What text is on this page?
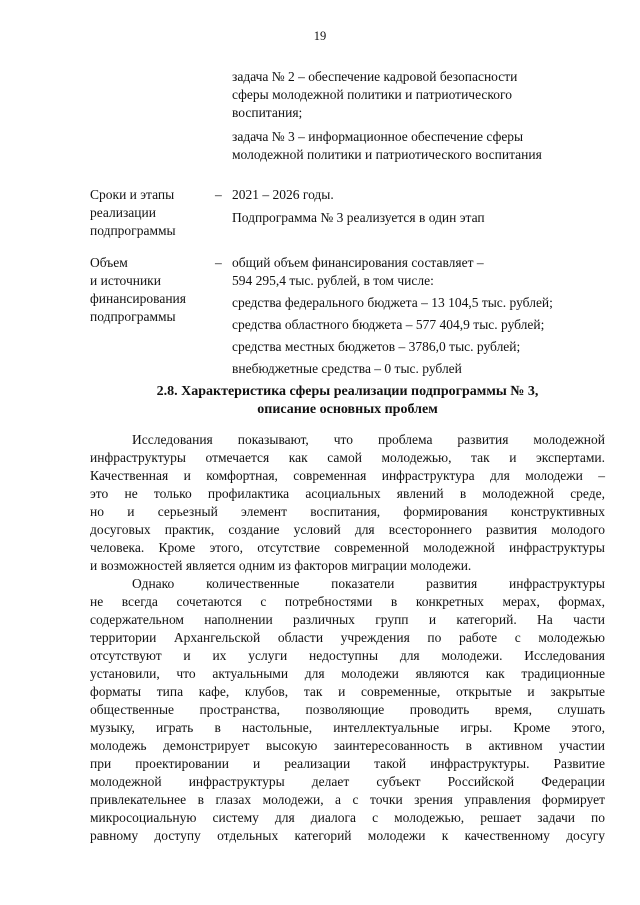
19
задача № 2 – обеспечение кадровой безопасности
сферы молодежной политики и патриотического
воспитания;
задача № 3 – информационное обеспечение сферы
молодежной политики и патриотического воспитания
Сроки и этапы
реализации
подпрограммы
– 2021 – 2026 годы.
Подпрограмма № 3 реализуется в один этап
Объем
и источники
финансирования
подпрограммы
– общий объем финансирования составляет –
594 295,4 тыс. рублей, в том числе:
средства федерального бюджета – 13 104,5 тыс. рублей;
средства областного бюджета – 577 404,9 тыс. рублей;
средства местных бюджетов – 3786,0 тыс. рублей;
внебюджетные средства – 0 тыс. рублей
2.8. Характеристика сферы реализации подпрограммы № 3,
описание основных проблем
Исследования показывают, что проблема развития молодежной
инфраструктуры отмечается как самой молодежью, так и экспертами.
Качественная и комфортная, современная инфраструктура для молодежи –
это не только профилактика асоциальных явлений в молодежной среде,
но и серьезный элемент воспитания, формирования конструктивных
досуговых практик, создание условий для всестороннего развития молодого
человека. Кроме этого, отсутствие современной молодежной инфраструктуры
и возможностей является одним из факторов миграции молодежи.
Однако количественные показатели развития инфраструктуры
не всегда сочетаются с потребностями в конкретных мерах, формах,
содержательном наполнении различных групп и категорий. На части
территории Архангельской области учреждения по работе с молодежью
отсутствуют и их услуги недоступны для молодежи. Исследования
установили, что актуальными для молодежи являются как традиционные
форматы типа кафе, клубов, так и современные, открытые и закрытые
общественные пространства, позволяющие проводить время, слушать
музыку, играть в настольные, интеллектуальные игры. Кроме этого,
молодежь демонстрирует высокую заинтересованность в активном участии
при проектировании и реализации такой инфраструктуры. Развитие
молодежной инфраструктуры делает субъект Российской Федерации
привлекательнее в глазах молодежи, а с точки зрения управления формирует
микросоциальную систему для диалога с молодежью, решает задачи по
равному доступу отдельных категорий молодежи к качественному досугу
